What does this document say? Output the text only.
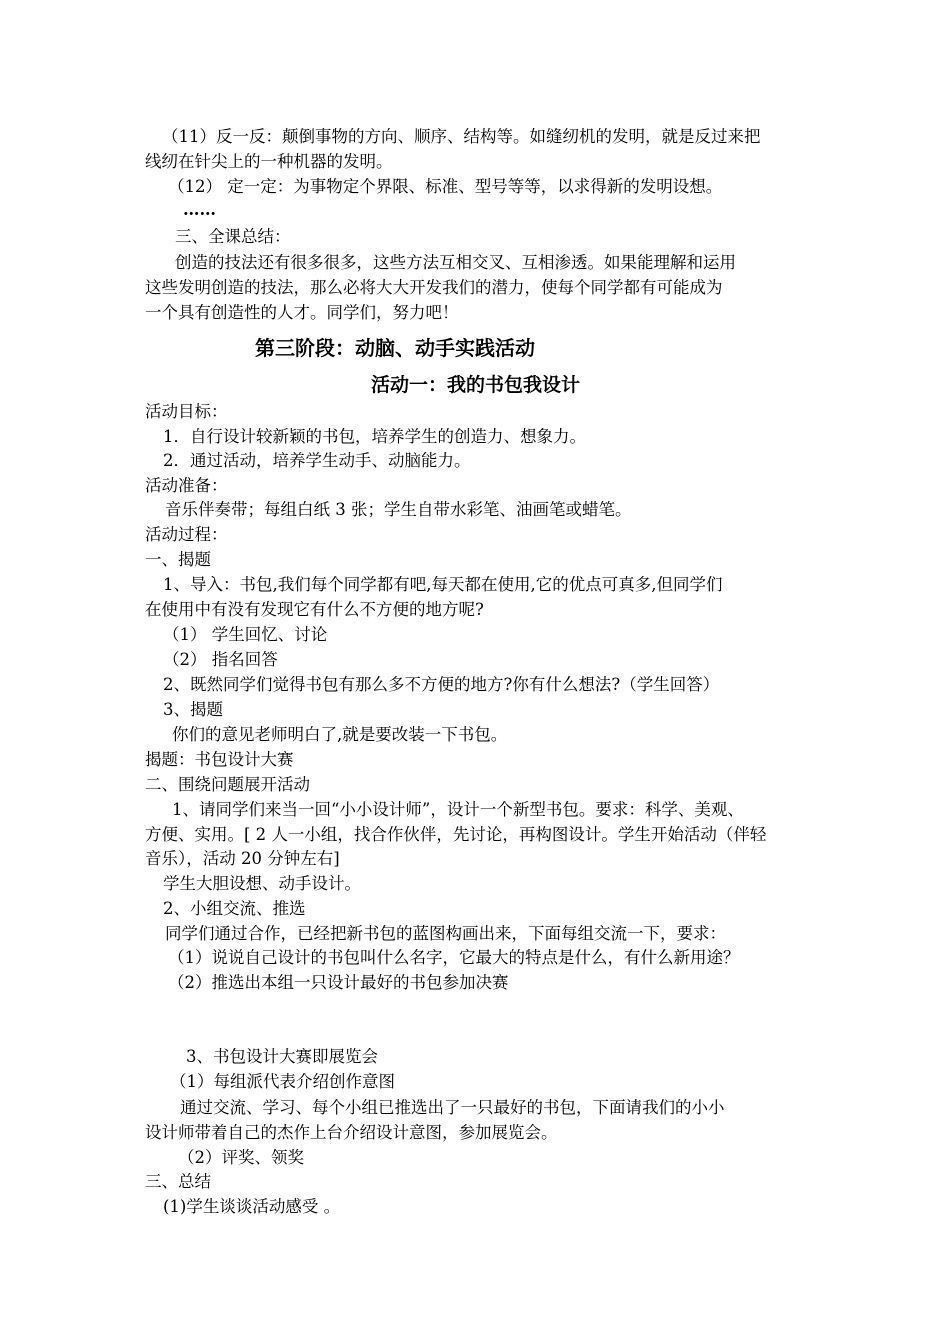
（11）反一反：颠倒事物的方向、顺序、结构等。如缝纫机的发明，就是反过来把
线纫在针尖上的一种机器的发明。
（12） 定一定：为事物定个界限、标准、型号等等，以求得新的发明设想。
……
三、全课总结：
创造的技法还有很多很多，这些方法互相交叉、互相渗透。如果能理解和运用
这些发明创造的技法，那么必将大大开发我们的潜力，使每个同学都有可能成为
一个具有创造性的人才。同学们，努力吧！
第三阶段：动脑、动手实践活动
活动一：我的书包我设计
活动目标：
1．自行设计较新颖的书包，培养学生的创造力、想象力。
2．通过活动，培养学生动手、动脑能力。
活动准备：
音乐伴奏带；每组白纸 3 张；学生自带水彩笔、油画笔或蜡笔。
活动过程：
一、揭题
1、导入：书包,我们每个同学都有吧,每天都在使用,它的优点可真多,但同学们
在使用中有没有发现它有什么不方便的地方呢?
（1） 学生回忆、讨论
（2） 指名回答
2、既然同学们觉得书包有那么多不方便的地方?你有什么想法?（学生回答）
3、揭题
你们的意见老师明白了,就是要改装一下书包。
揭题：书包设计大赛
二、围绕问题展开活动
1、请同学们来当一回“小小设计师”，设计一个新型书包。要求：科学、美观、
方便、实用。[ 2 人一小组，找合作伙伴，先讨论，再构图设计。学生开始活动（伴轻
音乐），活动 20 分钟左右]
学生大胆设想、动手设计。
2、小组交流、推选
同学们通过合作，已经把新书包的蓝图构画出来，下面每组交流一下，要求：
（1）说说自己设计的书包叫什么名字，它最大的特点是什么，有什么新用途？
（2）推选出本组一只设计最好的书包参加决赛
3、书包设计大赛即展览会
（1）每组派代表介绍创作意图
通过交流、学习、每个小组已推选出了一只最好的书包，下面请我们的小小
设计师带着自己的杰作上台介绍设计意图，参加展览会。
（2）评奖、领奖
三、总结
(1)学生谈谈活动感受 。
